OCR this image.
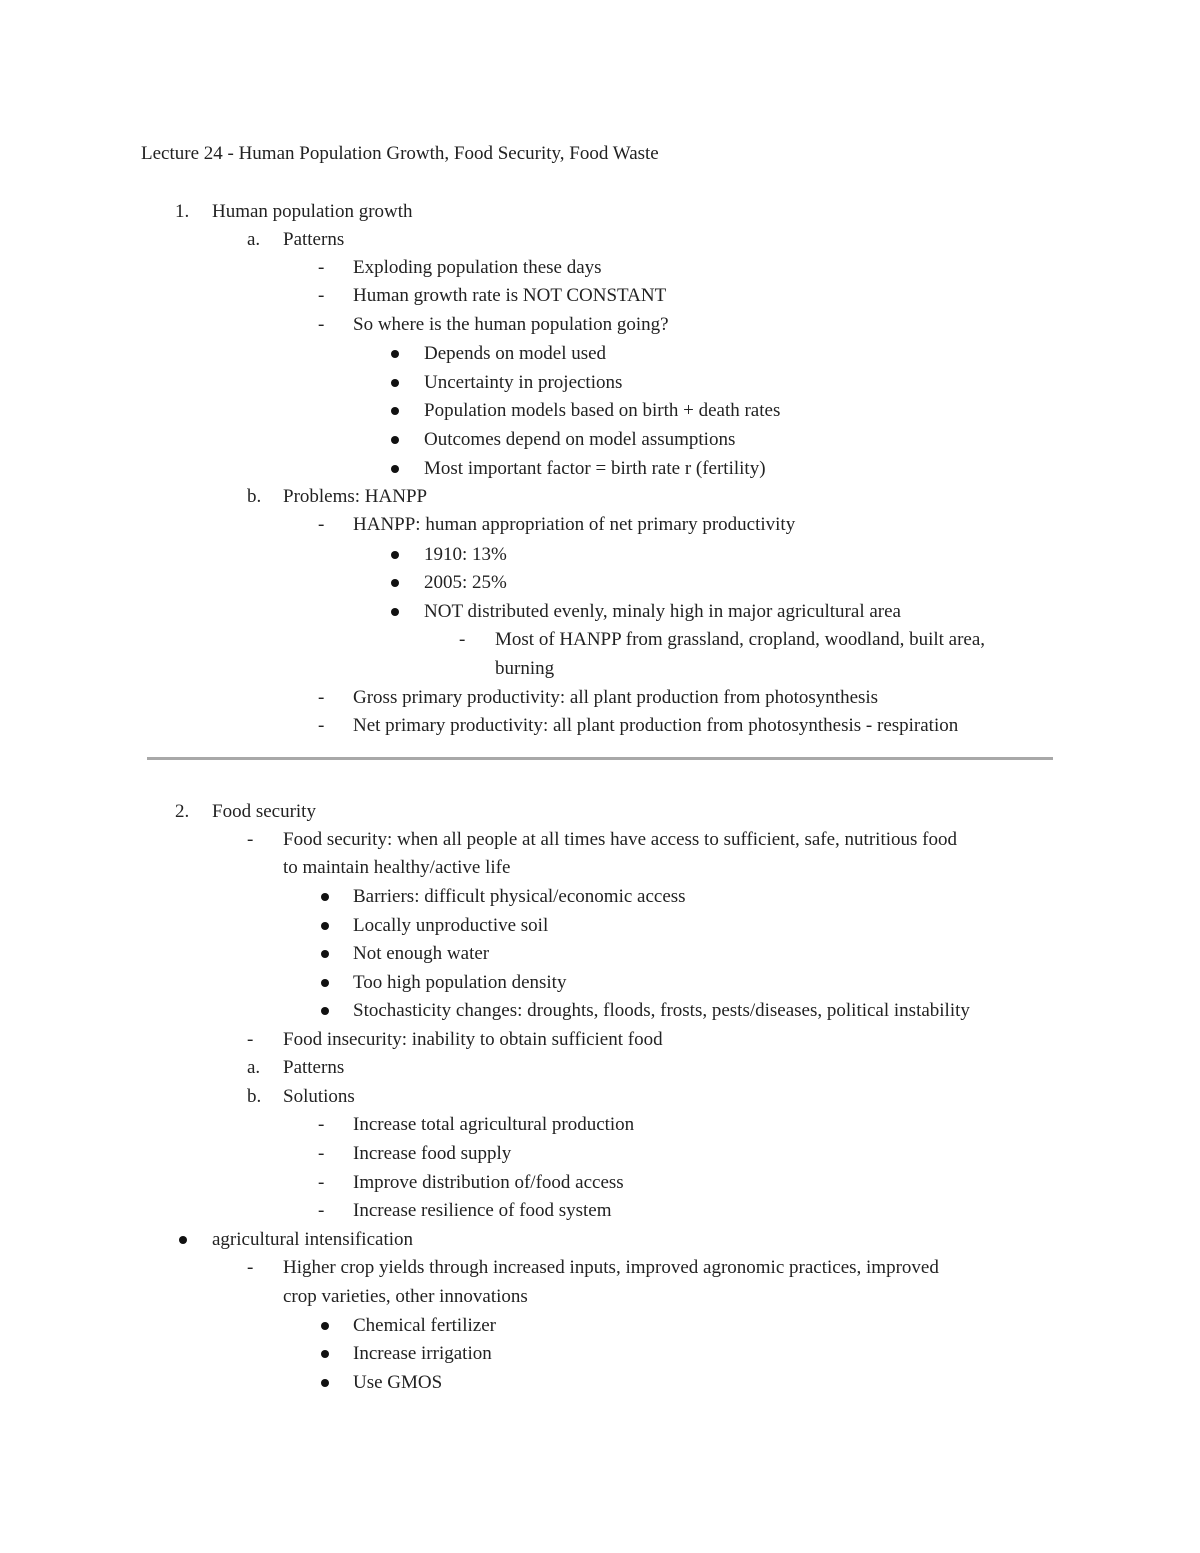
Lecture 24 - Human Population Growth, Food Security, Food Waste
1. Human population growth
a. Patterns
- Exploding population these days
- Human growth rate is NOT CONSTANT
- So where is the human population going?
Depends on model used
Uncertainty in projections
Population models based on birth + death rates
Outcomes depend on model assumptions
Most important factor = birth rate r (fertility)
b. Problems: HANPP
- HANPP: human appropriation of net primary productivity
1910: 13%
2005: 25%
NOT distributed evenly, minaly high in major agricultural area
- Most of HANPP from grassland, cropland, woodland, built area,
burning
- Gross primary productivity: all plant production from photosynthesis
- Net primary productivity: all plant production from photosynthesis - respiration
2. Food security
- Food security: when all people at all times have access to sufficient, safe, nutritious food
to maintain healthy/active life
Barriers: difficult physical/economic access
Locally unproductive soil
Not enough water
Too high population density
Stochasticity changes: droughts, floods, frosts, pests/diseases, political instability
- Food insecurity: inability to obtain sufficient food
a. Patterns
b. Solutions
- Increase total agricultural production
- Increase food supply
- Improve distribution of/food access
- Increase resilience of food system
agricultural intensification
- Higher crop yields through increased inputs, improved agronomic practices, improved
crop varieties, other innovations
Chemical fertilizer
Increase irrigation
Use GMOS
